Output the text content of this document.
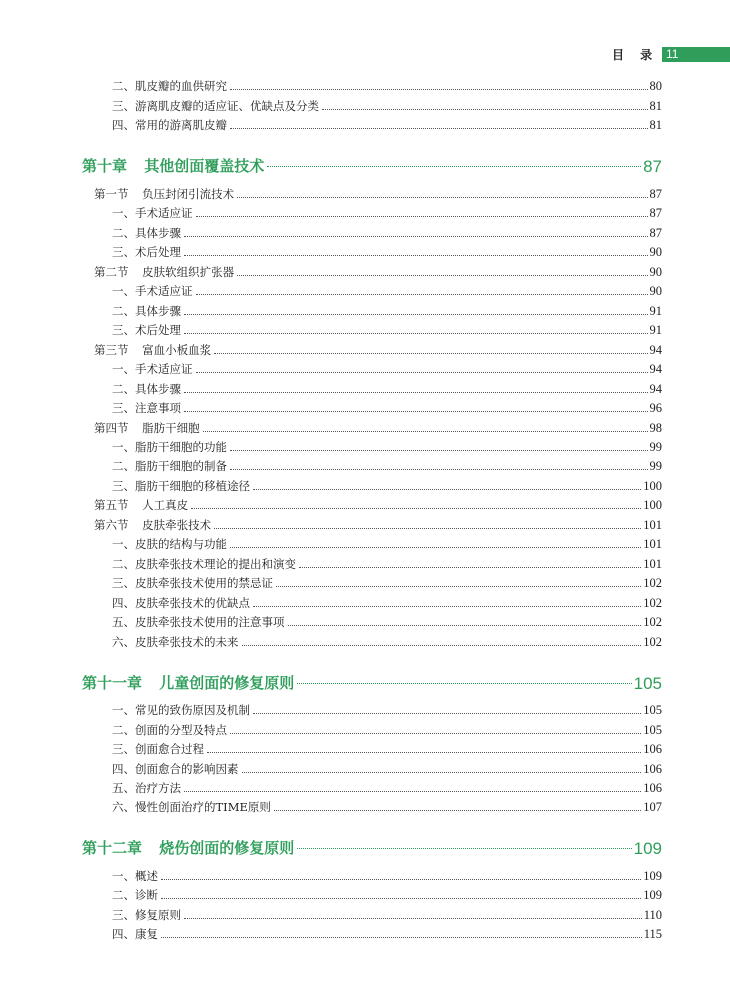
目 录 11
二、肌皮瓣的血供研究	80
三、游离肌皮瓣的适应证、优缺点及分类	81
四、常用的游离肌皮瓣	81
第十章 其他创面覆盖技术	87
第一节 负压封闭引流技术	87
一、手术适应证	87
二、具体步骤	87
三、术后处理	90
第二节 皮肤软组织扩张器	90
一、手术适应证	90
二、具体步骤	91
三、术后处理	91
第三节 富血小板血浆	94
一、手术适应证	94
二、具体步骤	94
三、注意事项	96
第四节 脂肪干细胞	98
一、脂肪干细胞的功能	99
二、脂肪干细胞的制备	99
三、脂肪干细胞的移植途径	100
第五节 人工真皮	100
第六节 皮肤牵张技术	101
一、皮肤的结构与功能	101
二、皮肤牵张技术理论的提出和演变	101
三、皮肤牵张技术使用的禁忌证	102
四、皮肤牵张技术的优缺点	102
五、皮肤牵张技术使用的注意事项	102
六、皮肤牵张技术的未来	102
第十一章 儿童创面的修复原则	105
一、常见的致伤原因及机制	105
二、创面的分型及特点	105
三、创面愈合过程	106
四、创面愈合的影响因素	106
五、治疗方法	106
六、慢性创面治疗的TIME原则	107
第十二章 烧伤创面的修复原则	109
一、概述	109
二、诊断	109
三、修复原则	110
四、康复	115
